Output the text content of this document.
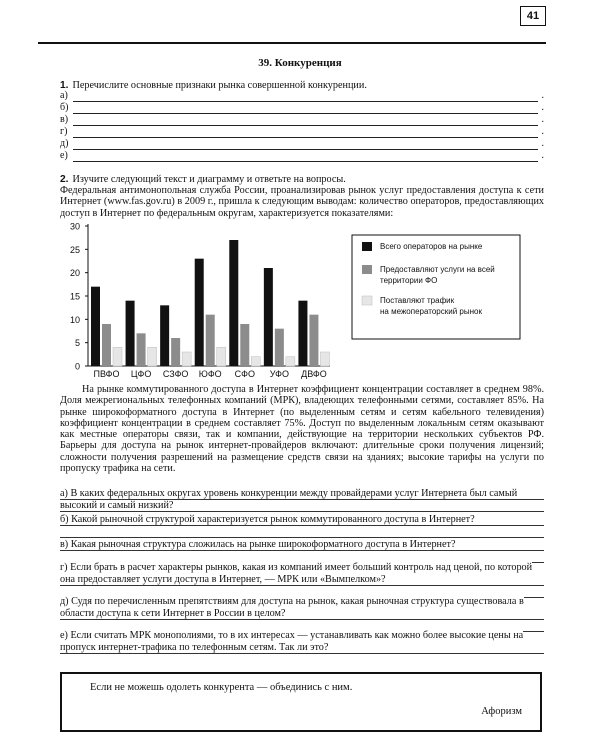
41
39. Конкуренция
1. Перечислите основные признаки рынка совершенной конкуренции.
а)	.
б)	.
в)	.
г)	.
д)	.
е)	.
2. Изучите следующий текст и диаграмму и ответьте на вопросы.
Федеральная антимонопольная служба России, проанализировав рынок услуг предоставления доступа к сети Интернет (www.fas.gov.ru) в 2009 г., пришла к следующим выводам: количество операторов, предоставляющих доступ в Интернет по федеральным округам, характеризуется показателями:
0
5
10
15
20
25
30
ПВФО ЦФО СЗФО ЮФО СФО УФО ДВФО
Всего операторов на рынке
Предоставляют услуги на всей
территории ФО
Поставляют трафик
на межоператорский рынок
На рынке коммутированного доступа в Интернет коэффициент концентрации составляет в среднем 98%. Доля межрегиональных телефонных компаний (МРК), владеющих телефонными сетями, составляет 85%. На рынке широкоформатного доступа в Интернет (по выделенным сетям и сетям кабельного телевидения) коэффициент концентрации в среднем составляет 75%. Доступ по выделенным локальным сетям оказывают как местные операторы связи, так и компании, действующие на территории нескольких субъектов РФ. Барьеры для доступа на рынок интернет-провайдеров включают: длительные сроки получения лицензий; сложности получения разрешений на размещение средств связи на зданиях; высокие тарифы на услуги по пропуску трафика на сети.
а) В каких федеральных округах уровень конкуренции между провайдерами услуг Интернета был самый высокий и самый низкий?
б) Какой рыночной структурой характеризуется рынок коммутированного доступа в Интернет?
в) Какая рыночная структура сложилась на рынке широкоформатного доступа в Интернет?
г) Если брать в расчет характеры рынков, какая из компаний имеет больший контроль над ценой, по которой она предоставляет услуги доступа в Интернет, — МРК или «Вымпелком»?
д) Судя по перечисленным препятствиям для доступа на рынок, какая рыночная структура существовала в области доступа к сети Интернет в России в целом?
е) Если считать МРК монополиями, то в их интересах — устанавливать как можно более высокие цены на пропуск интернет-трафика по телефонным сетям. Так ли это?
Если не можешь одолеть конкурента — объединись с ним.
Афоризм
